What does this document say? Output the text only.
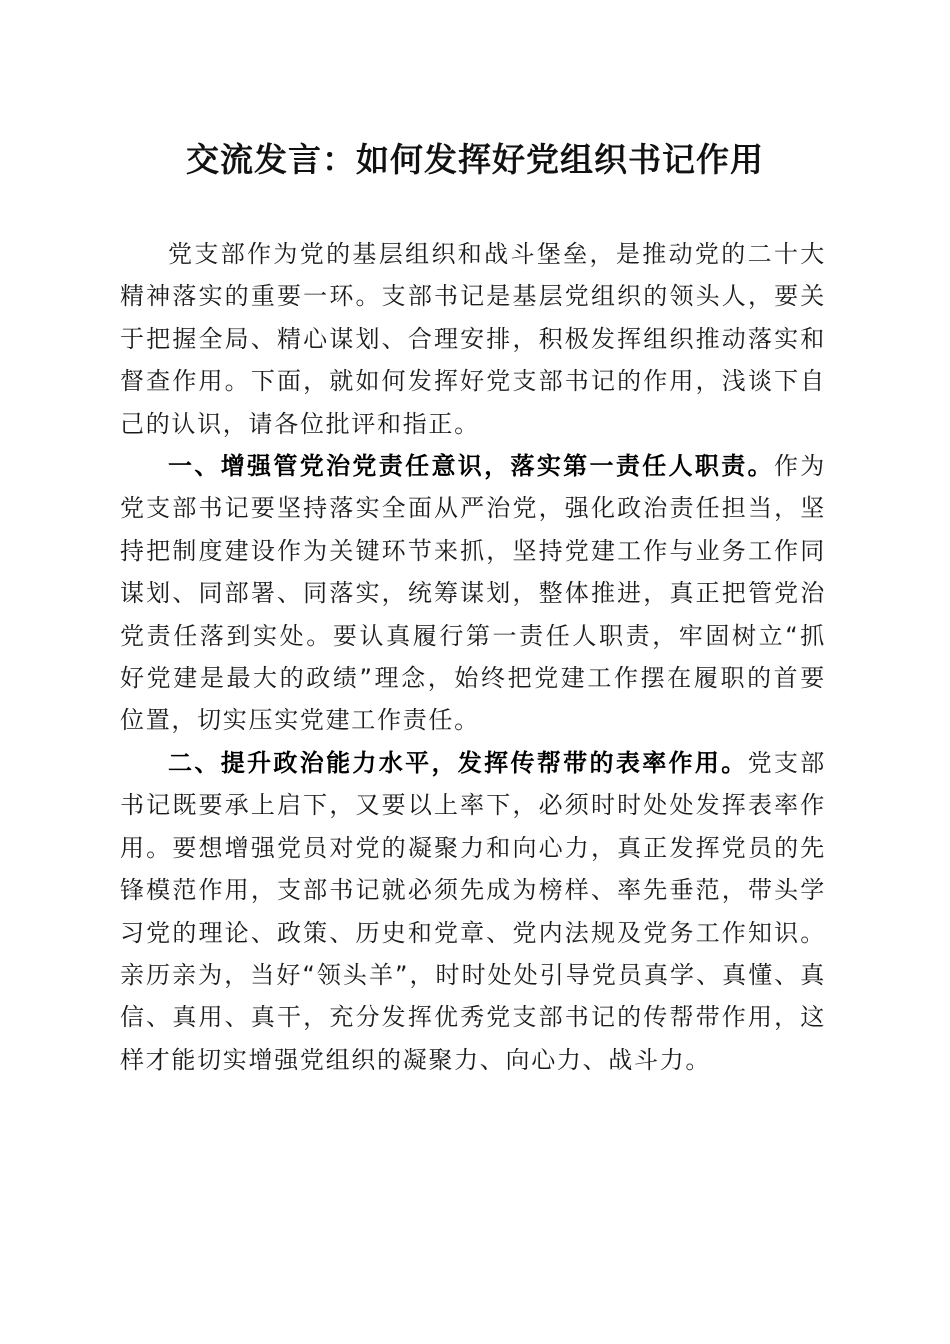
交流发言：如何发挥好党组织书记作用

党支部作为党的基层组织和战斗堡垒，是推动党的二十大精神落实的重要一环。支部书记是基层党组织的领头人，要关于把握全局、精心谋划、合理安排，积极发挥组织推动落实和督查作用。下面，就如何发挥好党支部书记的作用，浅谈下自己的认识，请各位批评和指正。

一、增强管党治党责任意识，落实第一责任人职责。作为党支部书记要坚持落实全面从严治党，强化政治责任担当，坚持把制度建设作为关键环节来抓，坚持党建工作与业务工作同谋划、同部署、同落实，统筹谋划，整体推进，真正把管党治党责任落到实处。要认真履行第一责任人职责，牢固树立“抓好党建是最大的政绩”理念，始终把党建工作摆在履职的首要位置，切实压实党建工作责任。

二、提升政治能力水平，发挥传帮带的表率作用。党支部书记既要承上启下，又要以上率下，必须时时处处发挥表率作用。要想增强党员对党的凝聚力和向心力，真正发挥党员的先锋模范作用，支部书记就必须先成为榜样、率先垂范，带头学习党的理论、政策、历史和党章、党内法规及党务工作知识。亲历亲为，当好“领头羊”，时时处处引导党员真学、真懂、真信、真用、真干，充分发挥优秀党支部书记的传帮带作用，这样才能切实增强党组织的凝聚力、向心力、战斗力。
